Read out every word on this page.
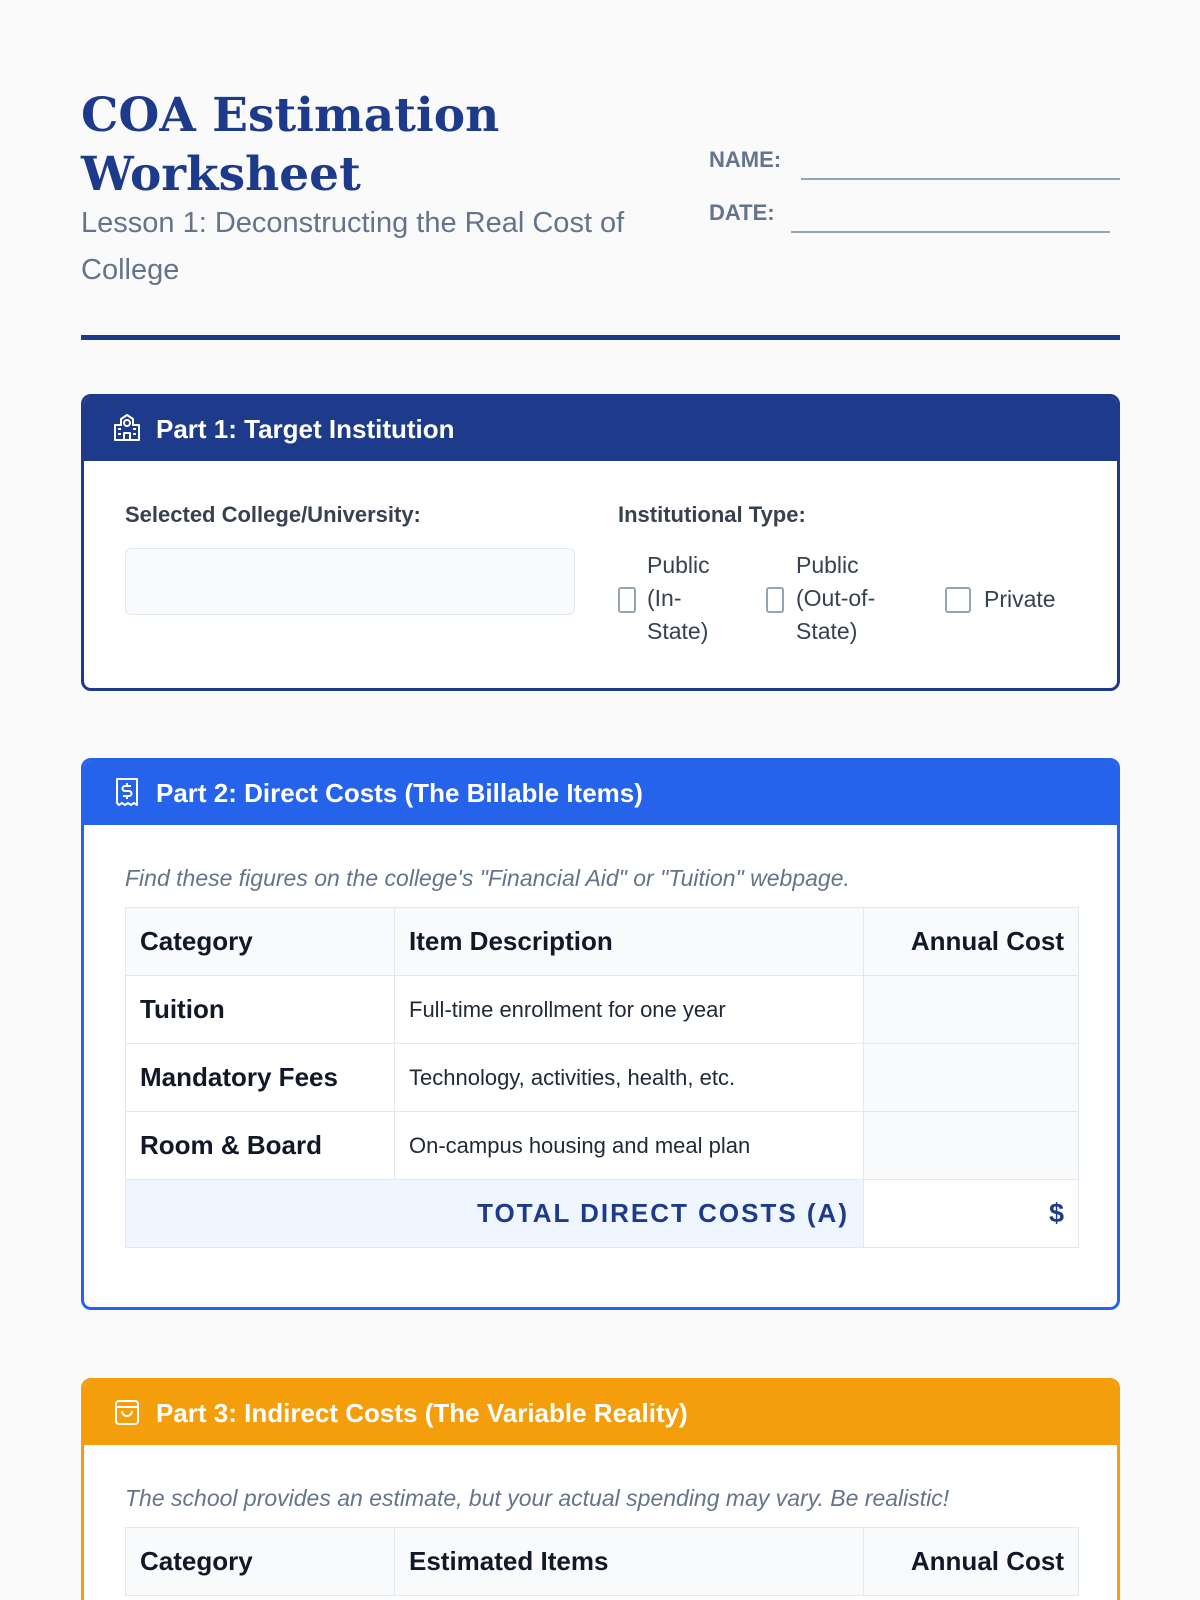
COA Estimation Worksheet
Lesson 1: Deconstructing the Real Cost of College
NAME:
DATE:
Part 1: Target Institution
Selected College/University:	Institutional Type:
Public (In-State)
Public (Out-of-State)
Private
Part 2: Direct Costs (The Billable Items)
Find these figures on the college's "Financial Aid" or "Tuition" webpage.
Category	Item Description	Annual Cost
Tuition	Full-time enrollment for one year	
Mandatory Fees	Technology, activities, health, etc.	
Room & Board	On-campus housing and meal plan	
TOTAL DIRECT COSTS (A)		$
Part 3: Indirect Costs (The Variable Reality)
The school provides an estimate, but your actual spending may vary. Be realistic!
Category	Estimated Items	Annual Cost
